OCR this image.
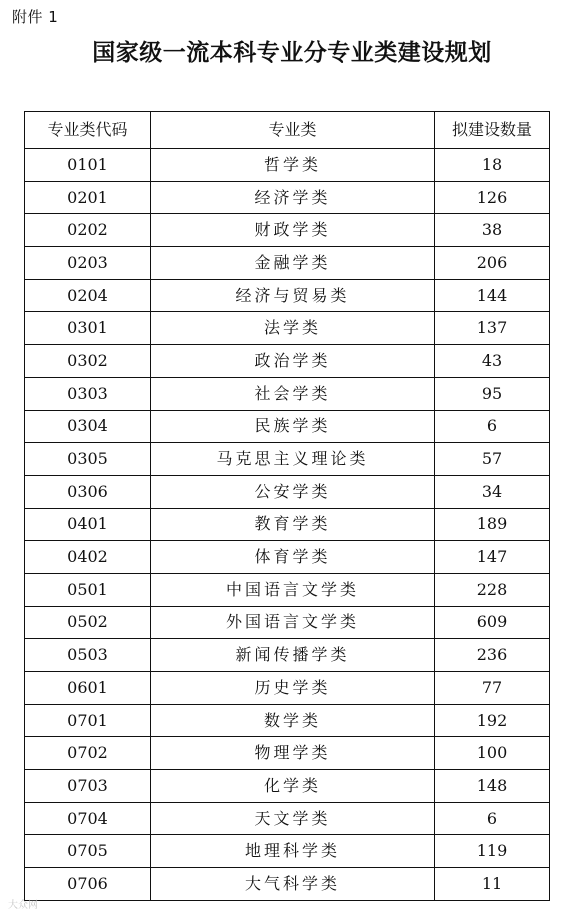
附件 1
国家级一流本科专业分专业类建设规划
专业类代码	专业类	拟建设数量
0101	哲学类	18
0201	经济学类	126
0202	财政学类	38
0203	金融学类	206
0204	经济与贸易类	144
0301	法学类	137
0302	政治学类	43
0303	社会学类	95
0304	民族学类	6
0305	马克思主义理论类	57
0306	公安学类	34
0401	教育学类	189
0402	体育学类	147
0501	中国语言文学类	228
0502	外国语言文学类	609
0503	新闻传播学类	236
0601	历史学类	77
0701	数学类	192
0702	物理学类	100
0703	化学类	148
0704	天文学类	6
0705	地理科学类	119
0706	大气科学类	11
大众网
